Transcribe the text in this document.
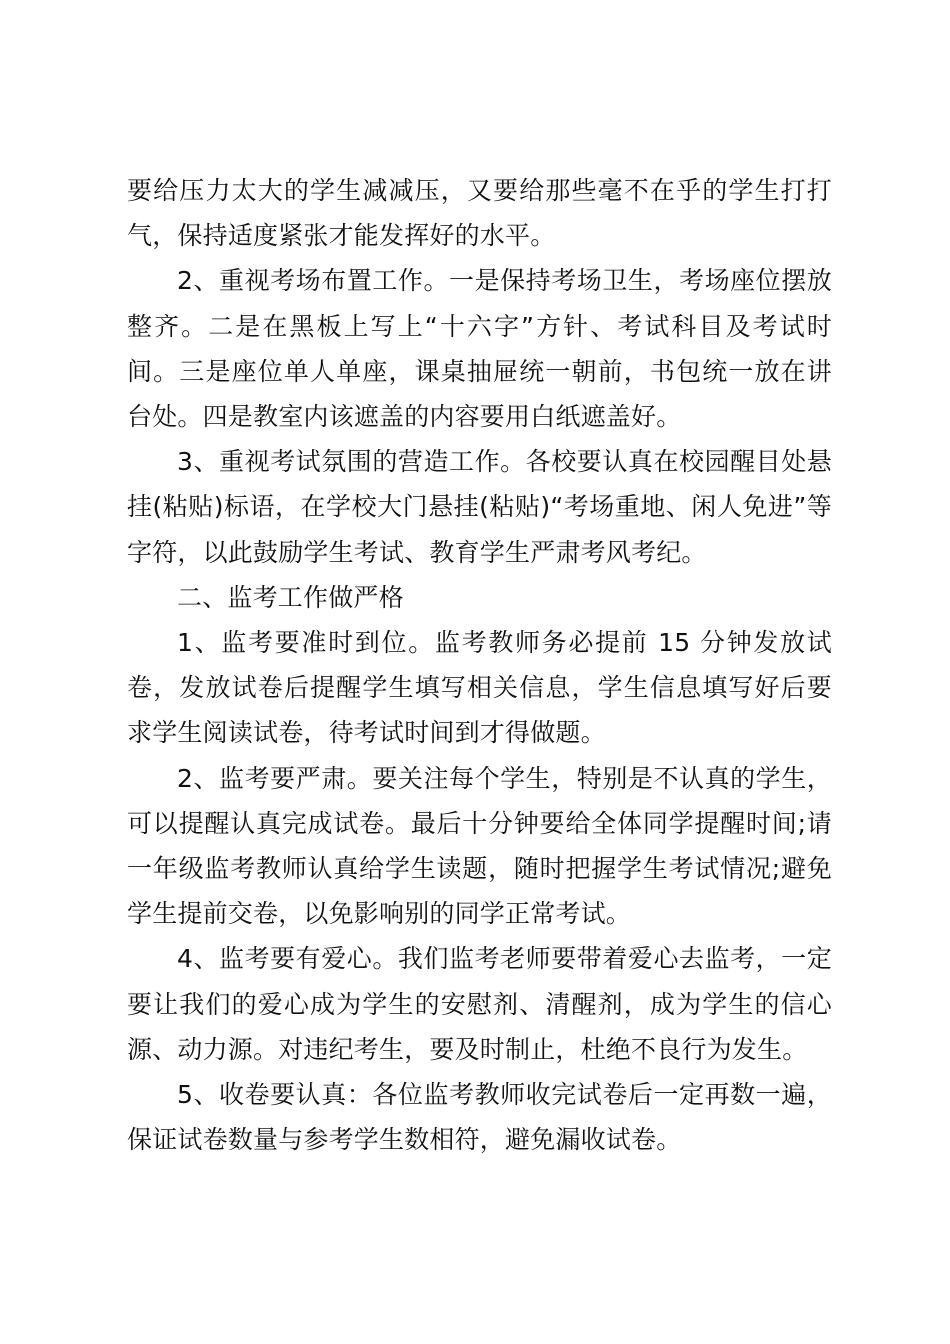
要给压力太大的学生减减压，又要给那些毫不在乎的学生打打气，保持适度紧张才能发挥好的水平。

2、重视考场布置工作。一是保持考场卫生，考场座位摆放整齐。二是在黑板上写上“十六字”方针、考试科目及考试时间。三是座位单人单座，课桌抽屉统一朝前，书包统一放在讲台处。四是教室内该遮盖的内容要用白纸遮盖好。

3、重视考试氛围的营造工作。各校要认真在校园醒目处悬挂(粘贴)标语，在学校大门悬挂(粘贴)“考场重地、闲人免进”等字符，以此鼓励学生考试、教育学生严肃考风考纪。

二、监考工作做严格

1、监考要准时到位。监考教师务必提前 15 分钟发放试卷，发放试卷后提醒学生填写相关信息，学生信息填写好后要求学生阅读试卷，待考试时间到才得做题。

2、监考要严肃。要关注每个学生，特别是不认真的学生，可以提醒认真完成试卷。最后十分钟要给全体同学提醒时间;请一年级监考教师认真给学生读题，随时把握学生考试情况;避免学生提前交卷，以免影响别的同学正常考试。

4、监考要有爱心。我们监考老师要带着爱心去监考，一定要让我们的爱心成为学生的安慰剂、清醒剂，成为学生的信心源、动力源。对违纪考生，要及时制止，杜绝不良行为发生。

5、收卷要认真：各位监考教师收完试卷后一定再数一遍，保证试卷数量与参考学生数相符，避免漏收试卷。
